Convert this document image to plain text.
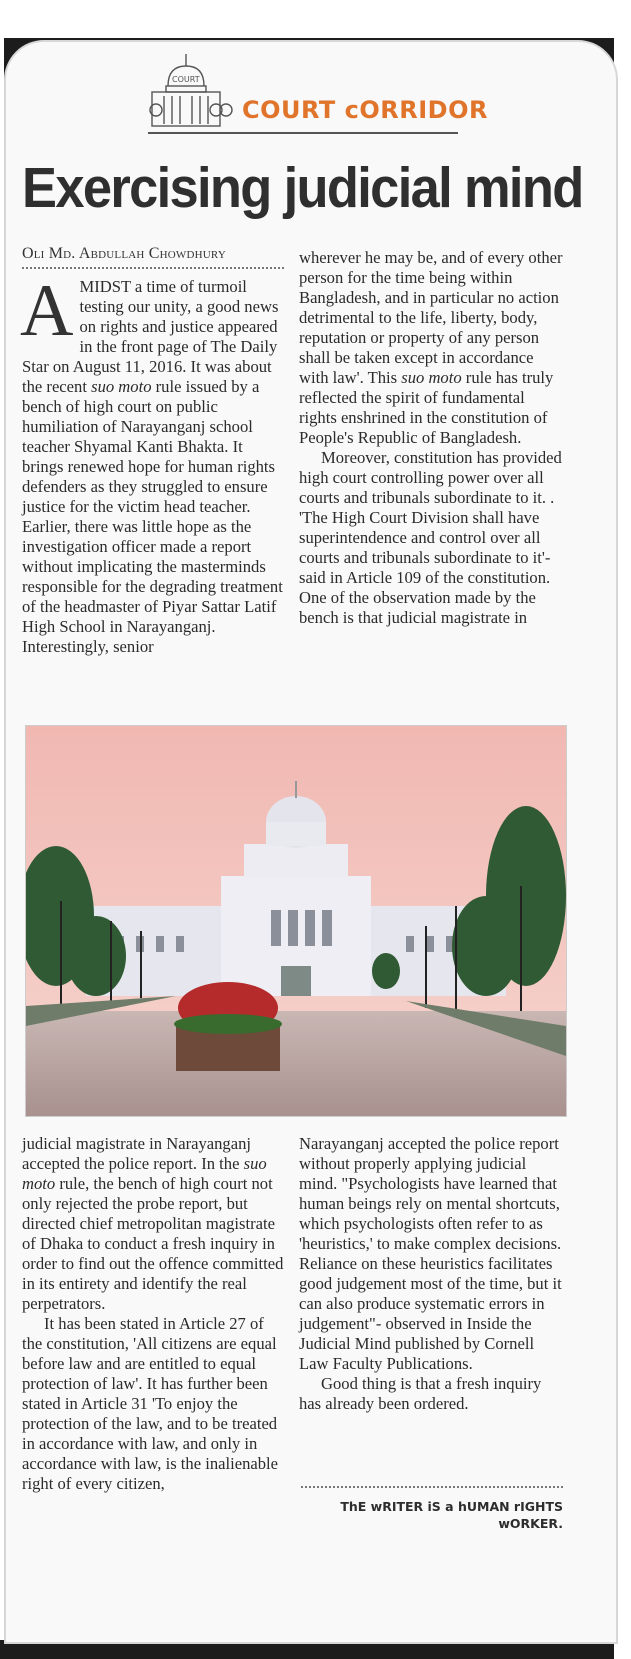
COURT
COURT cORRIDOR
Exercising judicial mind
Oli Md. Abdullah Chowdhury

AMIDST a time of turmoil testing our unity, a good news on rights and justice appeared in the front page of The Daily Star on August 11, 2016. It was about the recent suo moto rule issued by a bench of high court on public humiliation of Narayanganj school teacher Shyamal Kanti Bhakta. It brings renewed hope for human rights defenders as they struggled to ensure justice for the victim head teacher. Earlier, there was little hope as the investigation officer made a report without implicating the masterminds responsible for the degrading treatment of the headmaster of Piyar Sattar Latif High School in Narayanganj. Interestingly, senior

wherever he may be, and of every other person for the time being within Bangladesh, and in particular no action detrimental to the life, liberty, body, reputation or property of any person shall be taken except in accordance with law'. This suo moto rule has truly reflected the spirit of fundamental rights enshrined in the constitution of People's Republic of Bangladesh.

Moreover, constitution has provided high court controlling power over all courts and tribunals subordinate to it. . 'The High Court Division shall have superintendence and control over all courts and tribunals subordinate to it'- said in Article 109 of the constitution. One of the observation made by the bench is that judicial magistrate in

judicial magistrate in Narayanganj accepted the police report. In the suo moto rule, the bench of high court not only rejected the probe report, but directed chief metropolitan magistrate of Dhaka to conduct a fresh inquiry in order to find out the offence committed in its entirety and identify the real perpetrators.

It has been stated in Article 27 of the constitution, 'All citizens are equal before law and are entitled to equal protection of law'. It has further been stated in Article 31 'To enjoy the protection of the law, and to be treated in accordance with law, and only in accordance with law, is the inalienable right of every citizen,

Narayanganj accepted the police report without properly applying judicial mind. "Psychologists have learned that human beings rely on mental shortcuts, which psychologists often refer to as 'heuristics,' to make complex decisions. Reliance on these heuristics facilitates good judgement most of the time, but it can also produce systematic errors in judgement"- observed in Inside the Judicial Mind published by Cornell Law Faculty Publications.

Good thing is that a fresh inquiry has already been ordered.

ThE wRITER iS a hUMAN rIGHTS wORKER.
